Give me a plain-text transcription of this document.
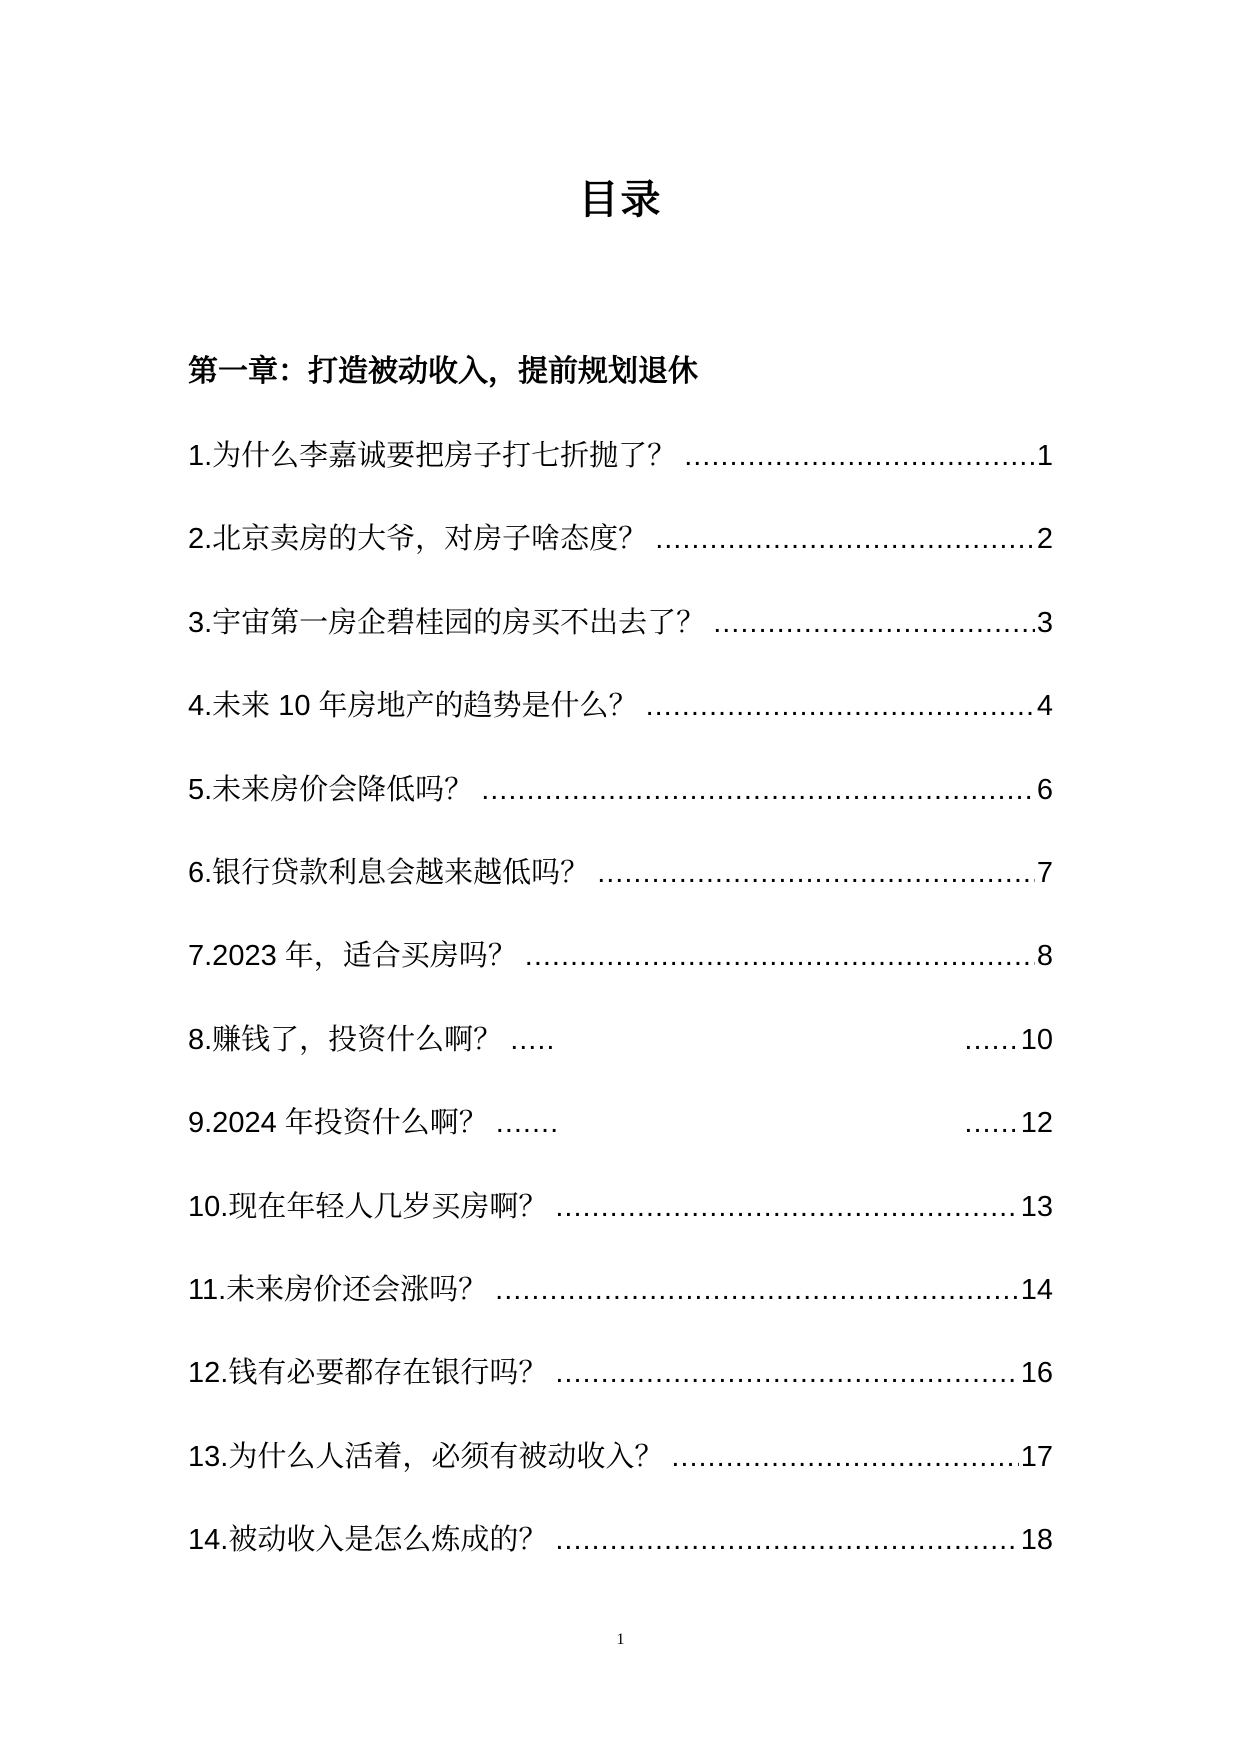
目录
第一章：打造被动收入，提前规划退休
1.为什么李嘉诚要把房子打七折抛了？ .....	1
2.北京卖房的大爷，对房子啥态度？ .....	2
3.宇宙第一房企碧桂园的房买不出去了？ .....	3
4.未来 10 年房地产的趋势是什么？ .....	4
5.未来房价会降低吗？ .....	6
6.银行贷款利息会越来越低吗？ .....	7
7.2023 年，适合买房吗？ .....	8
8.赚钱了，投资什么啊？ ..... ......	10
9.2024 年投资什么啊？ ....... ......	12
10.现在年轻人几岁买房啊？ .....	13
11.未来房价还会涨吗？ .....	14
12.钱有必要都存在银行吗？ .....	16
13.为什么人活着，必须有被动收入？ .....	17
14.被动收入是怎么炼成的？ .....	18
1
